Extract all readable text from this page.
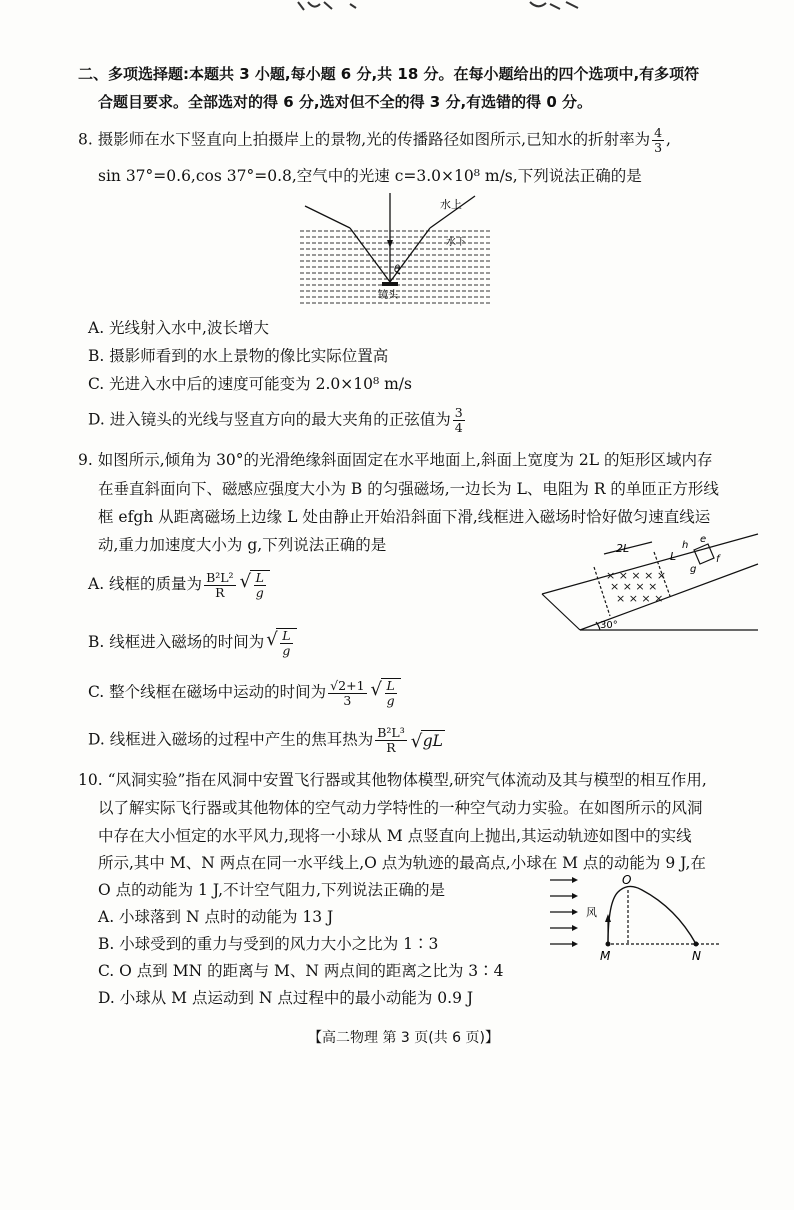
二、多项选择题:本题共 3 小题,每小题 6 分,共 18 分。在每小题给出的四个选项中,有多项符
合题目要求。全部选对的得 6 分,选对但不全的得 3 分,有选错的得 0 分。
8. 摄影师在水下竖直向上拍摄岸上的景物,光的传播路径如图所示,已知水的折射率为 $\frac{4}{3}$ ,
sin 37°=0.6,cos 37°=0.8,空气中的光速 c=3.0×10⁸ m/s,下列说法正确的是
水上
水下
θ
镜头
A. 光线射入水中,波长增大
B. 摄影师看到的水上景物的像比实际位置高
C. 光进入水中后的速度可能变为 2.0×10⁸ m/s
D. 进入镜头的光线与竖直方向的最大夹角的正弦值为 $\frac{3}{4}$
9. 如图所示,倾角为 30°的光滑绝缘斜面固定在水平地面上,斜面上宽度为 2L 的矩形区域内存
在垂直斜面向下、磁感应强度大小为 B 的匀强磁场,一边长为 L、电阻为 R 的单匝正方形线
框 efgh 从距离磁场上边缘 L 处由静止开始沿斜面下滑,线框进入磁场时恰好做匀速直线运
动,重力加速度大小为 g,下列说法正确的是
A. 线框的质量为 $\frac{\text{B²L²}}{R}$ √ $\frac{L}{g}$
B. 线框进入磁场的时间为 √ $\frac{L}{g}$
C. 整个线框在磁场中运动的时间为 $\frac{√2+1}{3}$ √ $\frac{L}{g}$
D. 线框进入磁场的过程中产生的焦耳热为 $\frac{\text{B²L³}}{R}$ √ gL
× × × × ×
× × × ×
× × × ×
2L
L
e
f
g
h
30°
10. “风洞实验”指在风洞中安置飞行器或其他物体模型,研究气体流动及其与模型的相互作用,
以了解实际飞行器或其他物体的空气动力学特性的一种空气动力实验。在如图所示的风洞
中存在大小恒定的水平风力,现将一小球从 M 点竖直向上抛出,其运动轨迹如图中的实线
所示,其中 M、N 两点在同一水平线上,O 点为轨迹的最高点,小球在 M 点的动能为 9 J,在
O 点的动能为 1 J,不计空气阻力,下列说法正确的是
A. 小球落到 N 点时的动能为 13 J
B. 小球受到的重力与受到的风力大小之比为 1∶3
C. O 点到 MN 的距离与 M、N 两点间的距离之比为 3∶4
D. 小球从 M 点运动到 N 点过程中的最小动能为 0.9 J
O
M	N
风
【高二物理 第 3 页(共 6 页)】
